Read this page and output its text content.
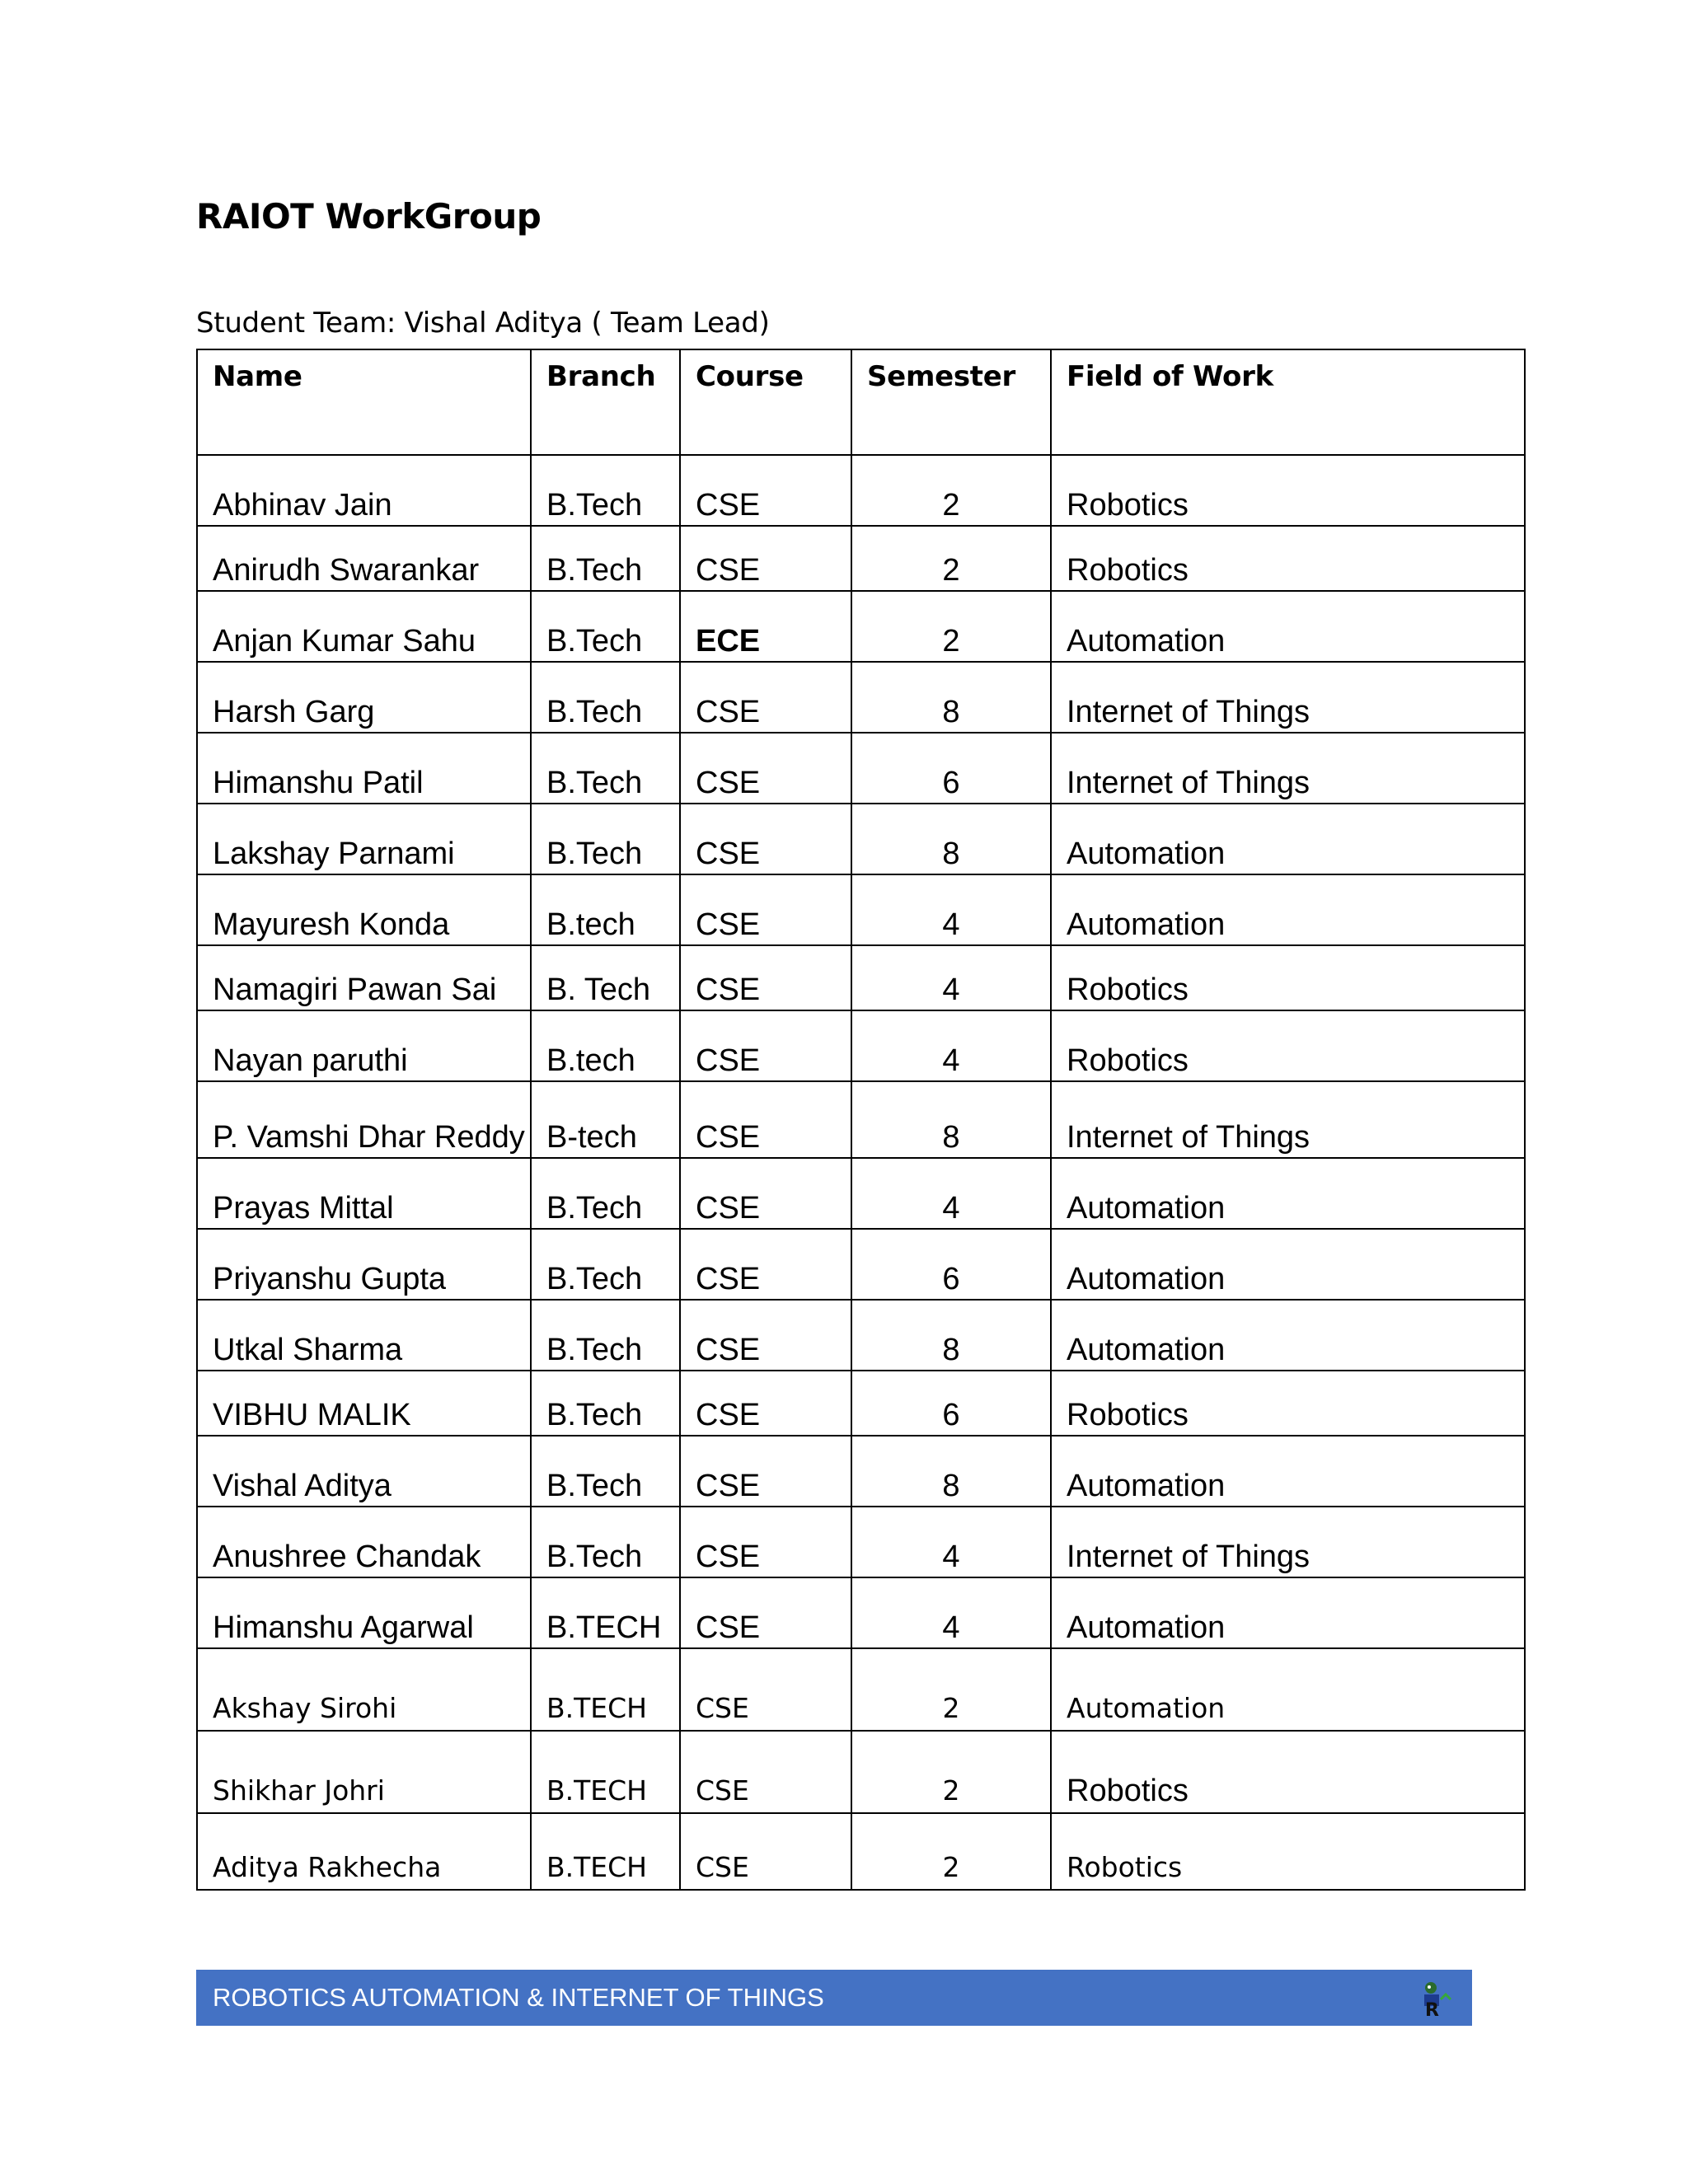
RAIOT WorkGroup
Student Team: Vishal Aditya ( Team Lead)
Name	Branch	Course	Semester	Field of Work
Abhinav Jain	B.Tech	CSE	2	Robotics
Anirudh Swarankar	B.Tech	CSE	2	Robotics
Anjan Kumar Sahu	B.Tech	ECE	2	Automation
Harsh Garg	B.Tech	CSE	8	Internet of Things
Himanshu Patil	B.Tech	CSE	6	Internet of Things
Lakshay Parnami	B.Tech	CSE	8	Automation
Mayuresh Konda	B.tech	CSE	4	Automation
Namagiri Pawan Sai	B. Tech	CSE	4	Robotics
Nayan paruthi	B.tech	CSE	4	Robotics
P. Vamshi Dhar Reddy	B-tech	CSE	8	Internet of Things
Prayas Mittal	B.Tech	CSE	4	Automation
Priyanshu Gupta	B.Tech	CSE	6	Automation
Utkal Sharma	B.Tech	CSE	8	Automation
VIBHU MALIK	B.Tech	CSE	6	Robotics
Vishal Aditya	B.Tech	CSE	8	Automation
Anushree Chandak	B.Tech	CSE	4	Internet of Things
Himanshu Agarwal	B.TECH	CSE	4	Automation
Akshay Sirohi	B.TECH	CSE	2	Automation
Shikhar Johri	B.TECH	CSE	2	Robotics
Aditya Rakhecha	B.TECH	CSE	2	Robotics
ROBOTICS AUTOMATION & INTERNET OF THINGS	R
